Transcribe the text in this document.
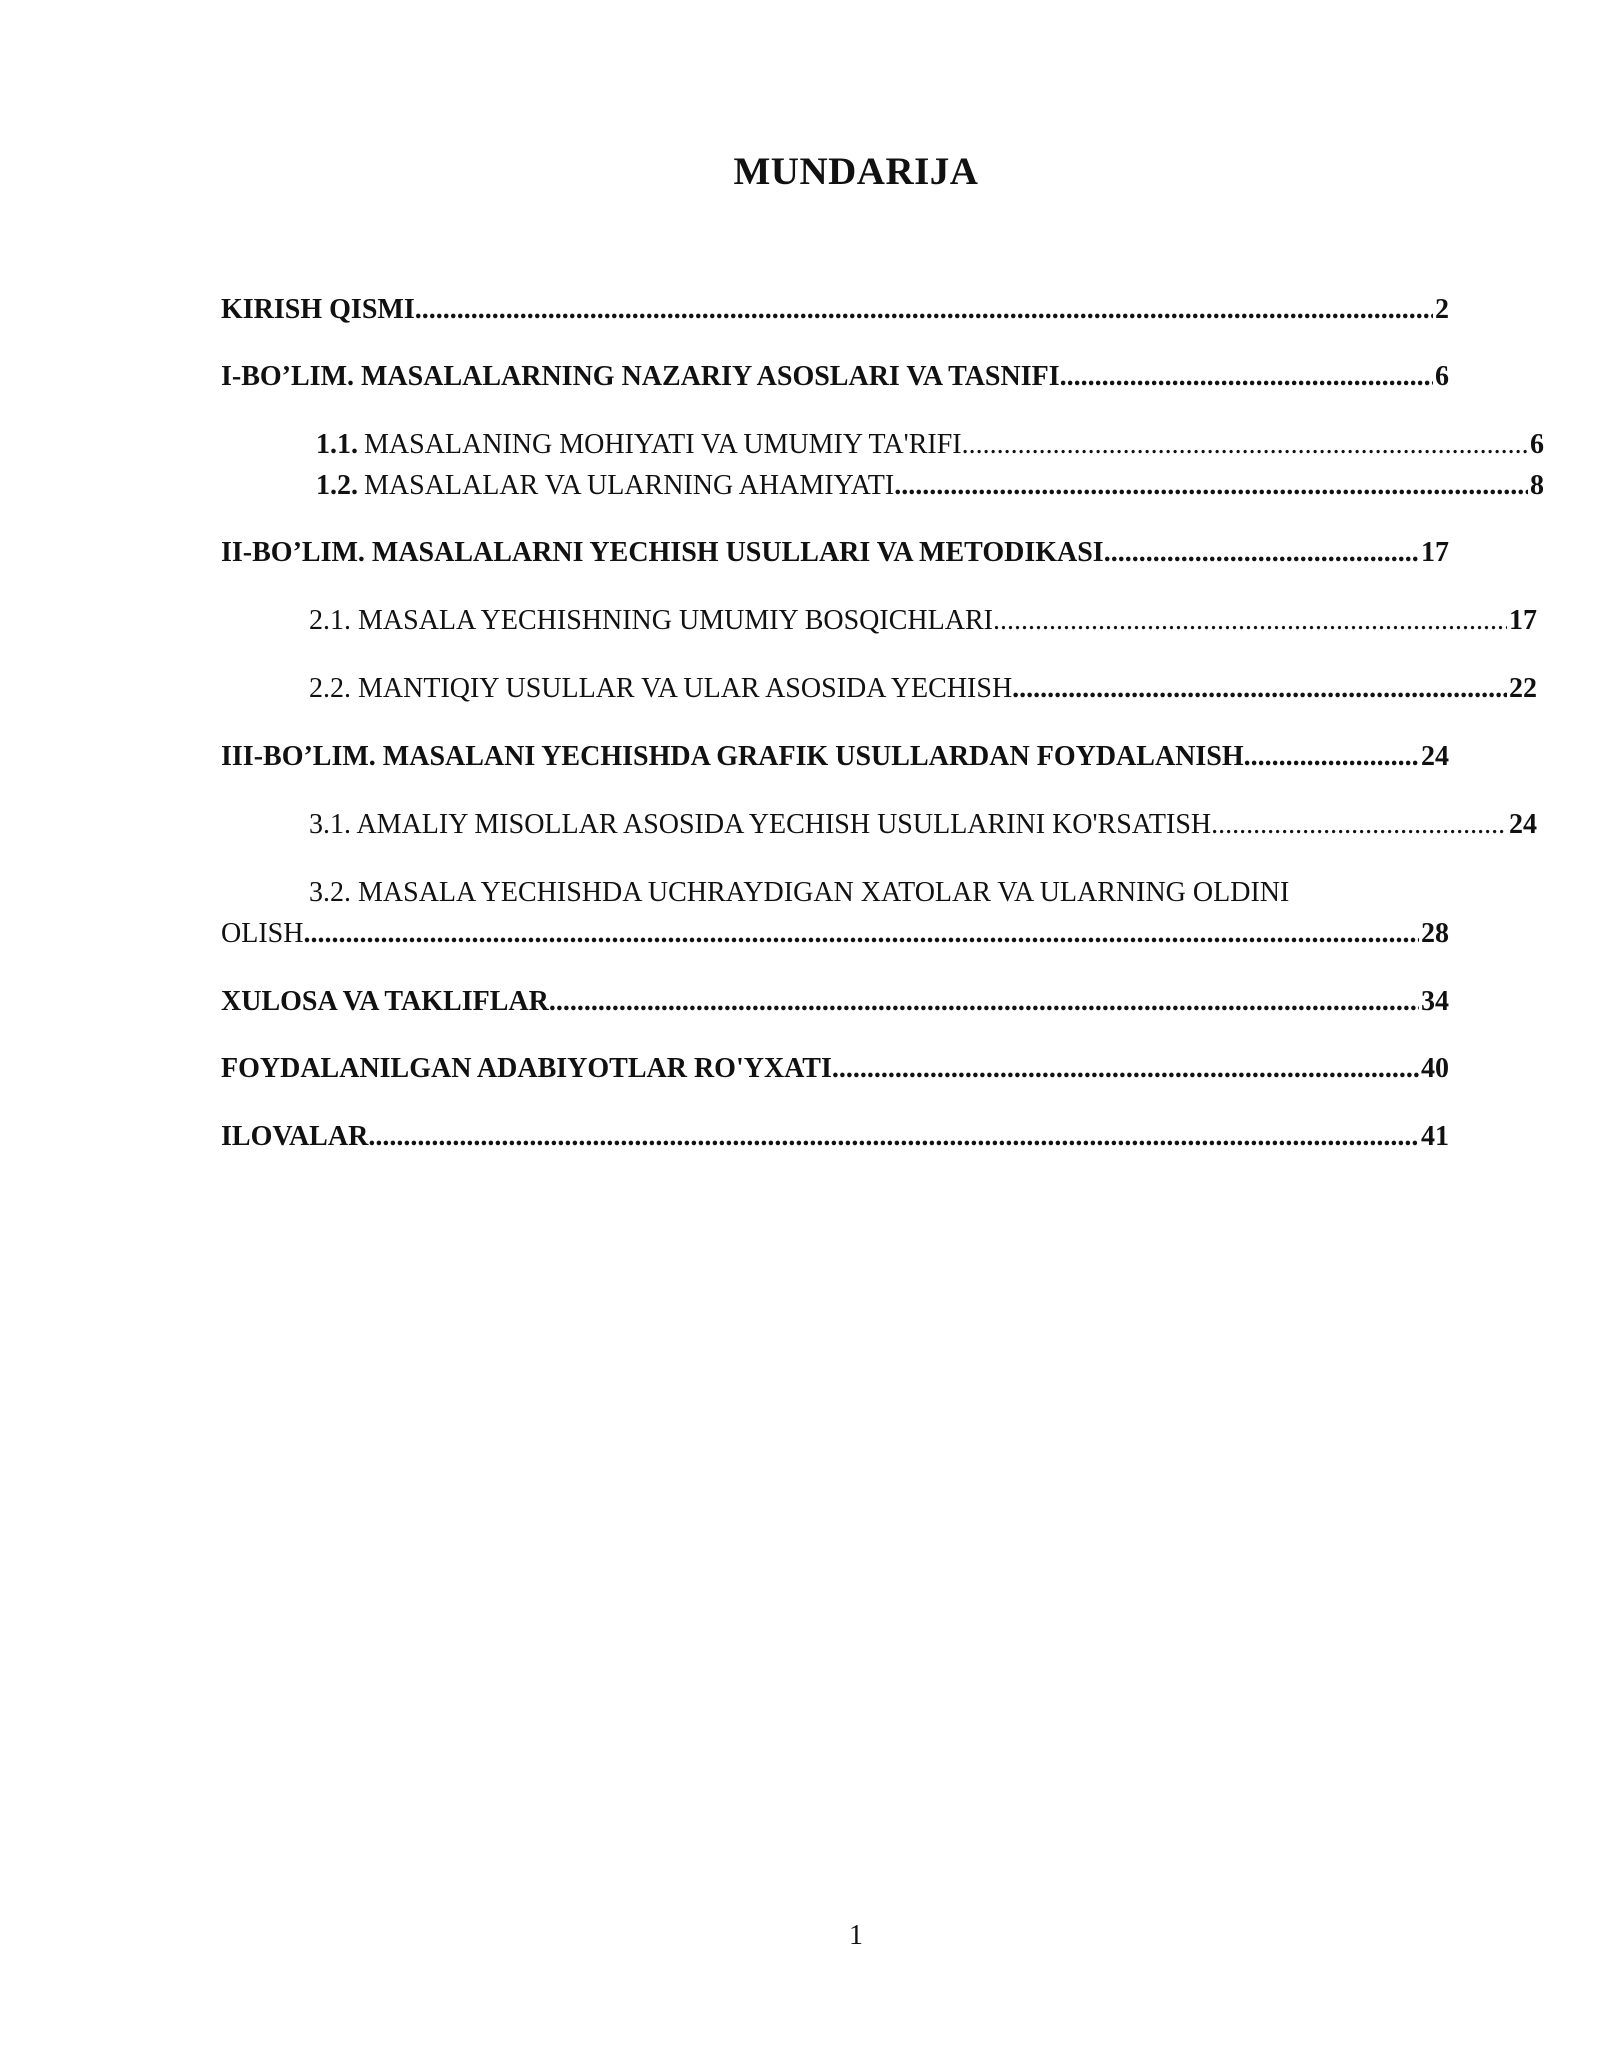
MUNDARIJA
KIRISH QISMI .....	2
I-BO’LIM. MASALALARNING NAZARIY ASOSLARI VA TASNIFI .....	6
1.1. MASALANING MOHIYATI VA UMUMIY TA'RIFI .....	6
1.2. MASALALAR VA ULARNING AHAMIYATI .....	8
II-BO’LIM. MASALALARNI YECHISH USULLARI VA METODIKASI .....	17
2.1. MASALA YECHISHNING UMUMIY BOSQICHLARI .....	17
2.2. MANTIQIY USULLAR VA ULAR ASOSIDA YECHISH .....	22
III-BO’LIM. MASALANI YECHISHDA GRAFIK USULLARDAN FOYDALANISH .....	24
3.1. AMALIY MISOLLAR ASOSIDA YECHISH USULLARINI KO'RSATISH .....	24
3.2. MASALA YECHISHDA UCHRAYDIGAN XATOLAR VA ULARNING OLDINI
OLISH .....	28
XULOSA VA TAKLIFLAR .....	34
FOYDALANILGAN ADABIYOTLAR RO'YXATI .....	40
ILOVALAR .....	41
1
